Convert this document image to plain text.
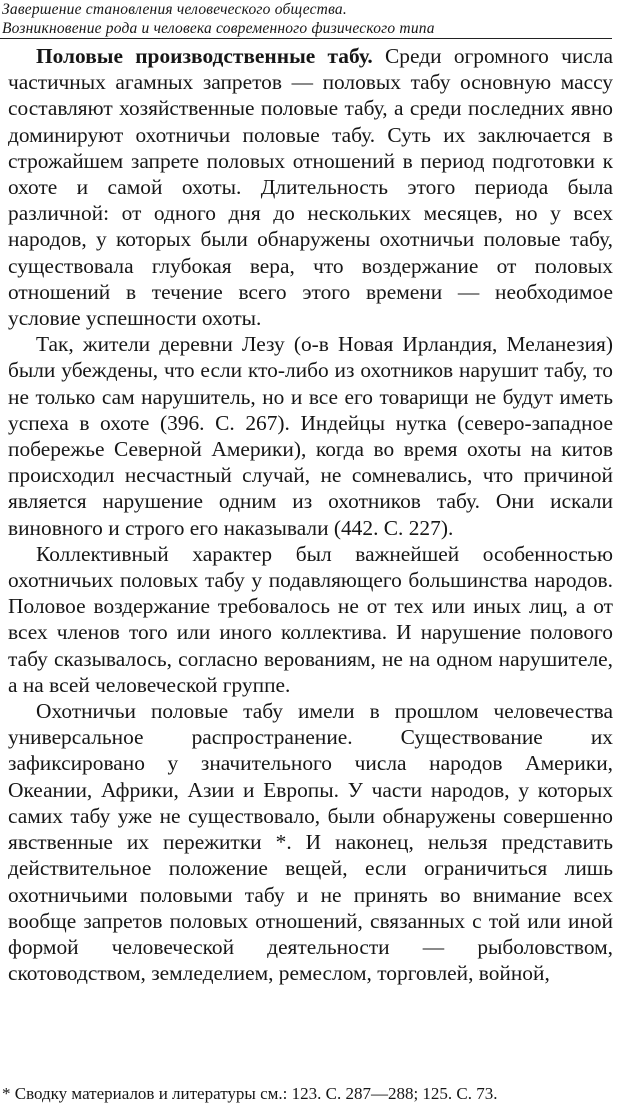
Завершение становления человеческого общества.
Возникновение рода и человека современного физического типа

Половые производственные табу. Среди огромного числа частичных агамных запретов — половых табу основную массу составляют хозяйственные половые табу, а среди последних явно доминируют охотничьи половые табу. Суть их заключается в строжайшем запрете половых отношений в период подготовки к охоте и самой охоты. Длительность этого периода была различной: от одного дня до нескольких месяцев, но у всех народов, у которых были обнаружены охотничьи половые табу, существовала глубокая вера, что воздержание от половых отношений в течение всего этого времени — необходимое условие успешности охоты.

Так, жители деревни Лезу (о-в Новая Ирландия, Меланезия) были убеждены, что если кто-либо из охотников нарушит табу, то не только сам нарушитель, но и все его товарищи не будут иметь успеха в охоте (396. С. 267). Индейцы нутка (северо-западное побережье Северной Америки), когда во время охоты на китов происходил несчастный случай, не сомневались, что причиной является нарушение одним из охотников табу. Они искали виновного и строго его наказывали (442. С. 227).

Коллективный характер был важнейшей особенностью охотничьих половых табу у подавляющего большинства народов. Половое воздержание требовалось не от тех или иных лиц, а от всех членов того или иного коллектива. И нарушение полового табу сказывалось, согласно верованиям, не на одном нарушителе, а на всей человеческой группе.

Охотничьи половые табу имели в прошлом человечества универсальное распространение. Существование их зафиксировано у значительного числа народов Америки, Океании, Африки, Азии и Европы. У части народов, у которых самих табу уже не существовало, были обнаружены совершенно явственные их пережитки *. И наконец, нельзя представить действительное положение вещей, если ограничиться лишь охотничьими половыми табу и не принять во внимание всех вообще запретов половых отношений, связанных с той или иной формой человеческой деятельности — рыболовством, скотоводством, земледелием, ремеслом, торговлей, войной,

* Сводку материалов и литературы см.: 123. С. 287—288; 125. С. 73.
